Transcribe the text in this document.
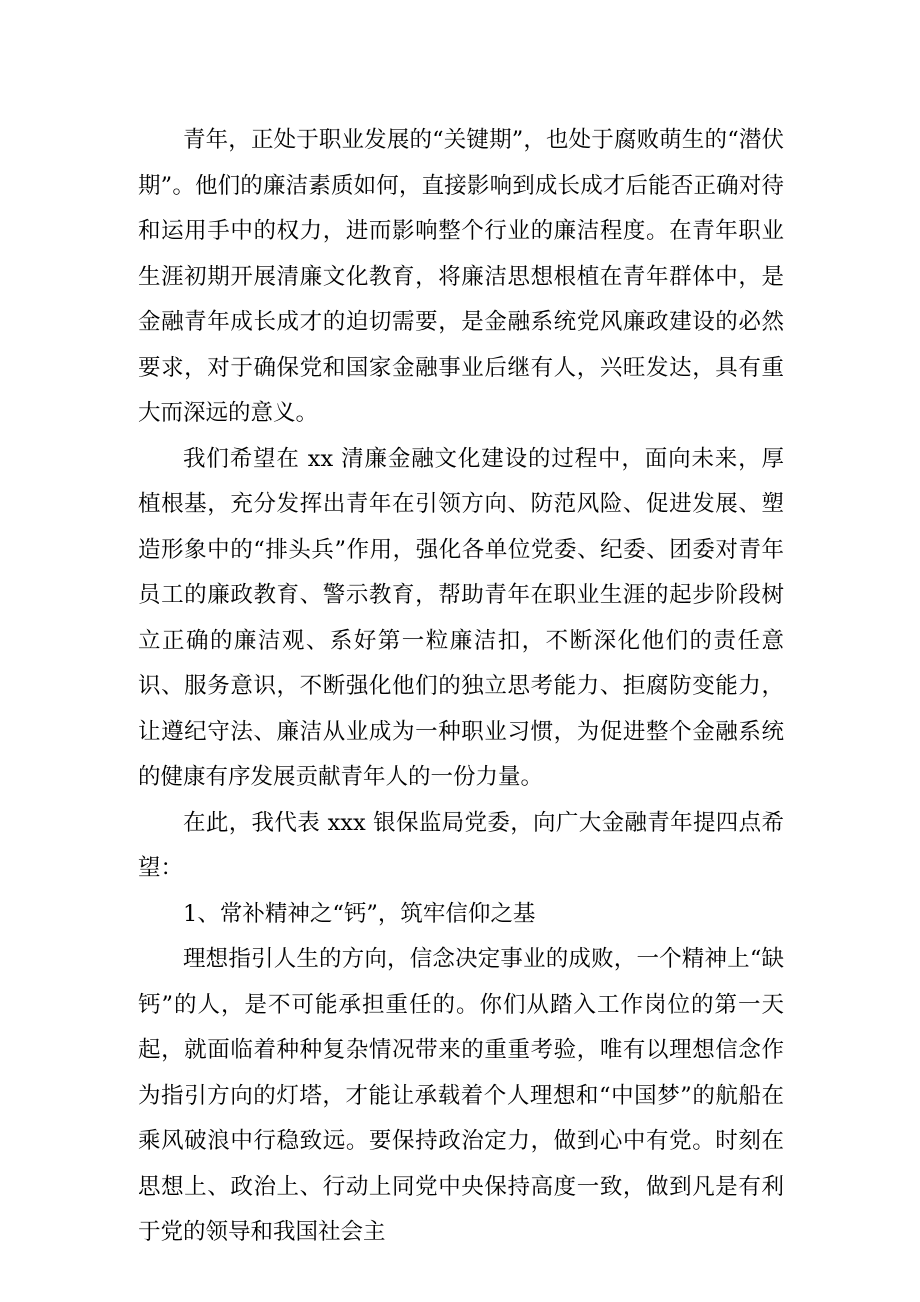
青年，正处于职业发展的“关键期”，也处于腐败萌生的“潜伏期”。他们的廉洁素质如何，直接影响到成长成才后能否正确对待和运用手中的权力，进而影响整个行业的廉洁程度。在青年职业生涯初期开展清廉文化教育，将廉洁思想根植在青年群体中，是金融青年成长成才的迫切需要，是金融系统党风廉政建设的必然要求，对于确保党和国家金融事业后继有人，兴旺发达，具有重大而深远的意义。

我们希望在 xx 清廉金融文化建设的过程中，面向未来，厚植根基，充分发挥出青年在引领方向、防范风险、促进发展、塑造形象中的“排头兵”作用，强化各单位党委、纪委、团委对青年员工的廉政教育、警示教育，帮助青年在职业生涯的起步阶段树立正确的廉洁观、系好第一粒廉洁扣，不断深化他们的责任意识、服务意识，不断强化他们的独立思考能力、拒腐防变能力，让遵纪守法、廉洁从业成为一种职业习惯，为促进整个金融系统的健康有序发展贡献青年人的一份力量。

在此，我代表 xxx 银保监局党委，向广大金融青年提四点希望：

1、常补精神之“钙”，筑牢信仰之基

理想指引人生的方向，信念决定事业的成败，一个精神上“缺钙”的人，是不可能承担重任的。你们从踏入工作岗位的第一天起，就面临着种种复杂情况带来的重重考验，唯有以理想信念作为指引方向的灯塔，才能让承载着个人理想和“中国梦”的航船在乘风破浪中行稳致远。要保持政治定力，做到心中有党。时刻在思想上、政治上、行动上同党中央保持高度一致，做到凡是有利于党的领导和我国社会主
